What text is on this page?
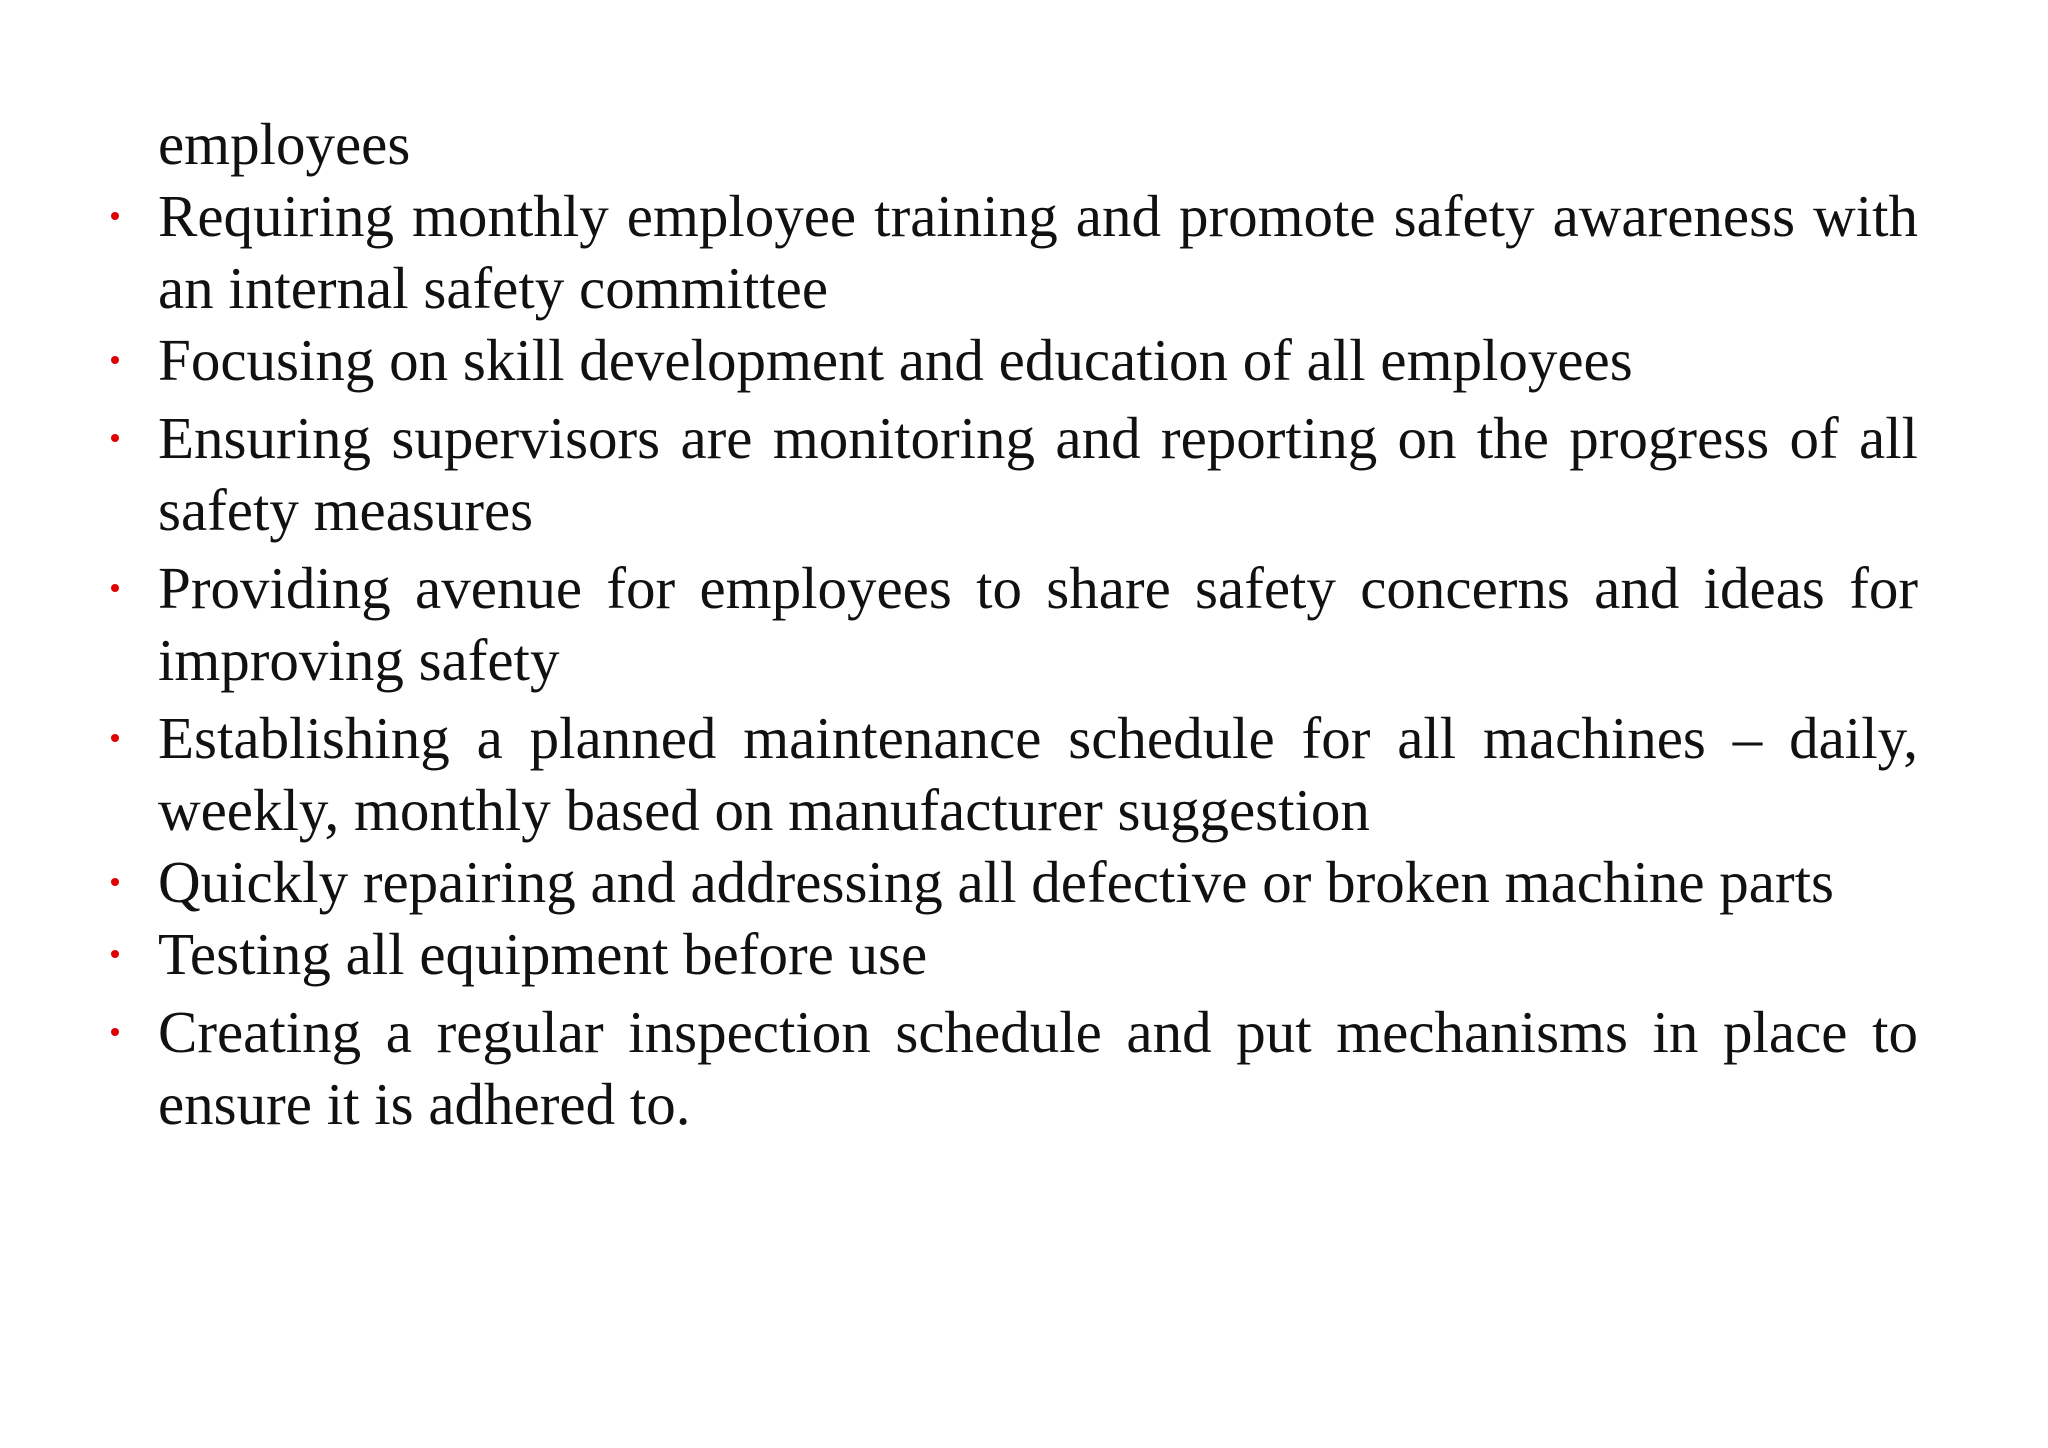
employees
Requiring monthly employee training and promote safety awareness with an internal safety committee
Focusing on skill development and education of all employees
Ensuring supervisors are monitoring and reporting on the progress of all safety measures
Providing avenue for employees to share safety concerns and ideas for improving safety
Establishing a planned maintenance schedule for all machines – daily, weekly, monthly based on manufacturer suggestion
Quickly repairing and addressing all defective or broken machine parts
Testing all equipment before use
Creating a regular inspection schedule and put mechanisms in place to ensure it is adhered to.
